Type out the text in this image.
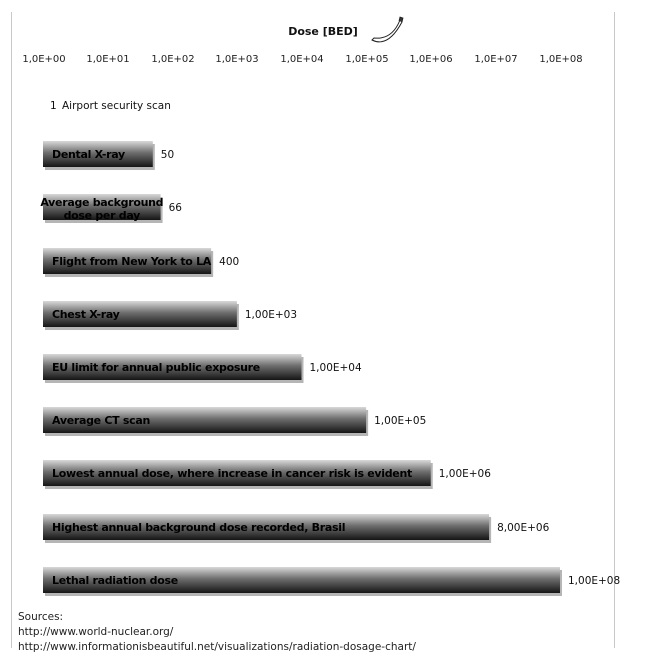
Dose [BED]
1,0E+00 1,0E+01 1,0E+02 1,0E+03 1,0E+04 1,0E+05 1,0E+06 1,0E+07 1,0E+08
1 Airport security scan
Dental X-ray	50
Average background dose per day
66
Flight from New York to LA 400
Chest X-ray	1,00E+03
EU limit for annual public exposure	1,00E+04
Average CT scan	1,00E+05
Lowest annual dose, where increase in cancer risk is evident	1,00E+06
Highest annual background dose recorded, Brasil	8,00E+06
Lethal radiation dose	1,00E+08
Sources:
http://www.world-nuclear.org/
http://www.informationisbeautiful.net/visualizations/radiation-dosage-chart/
